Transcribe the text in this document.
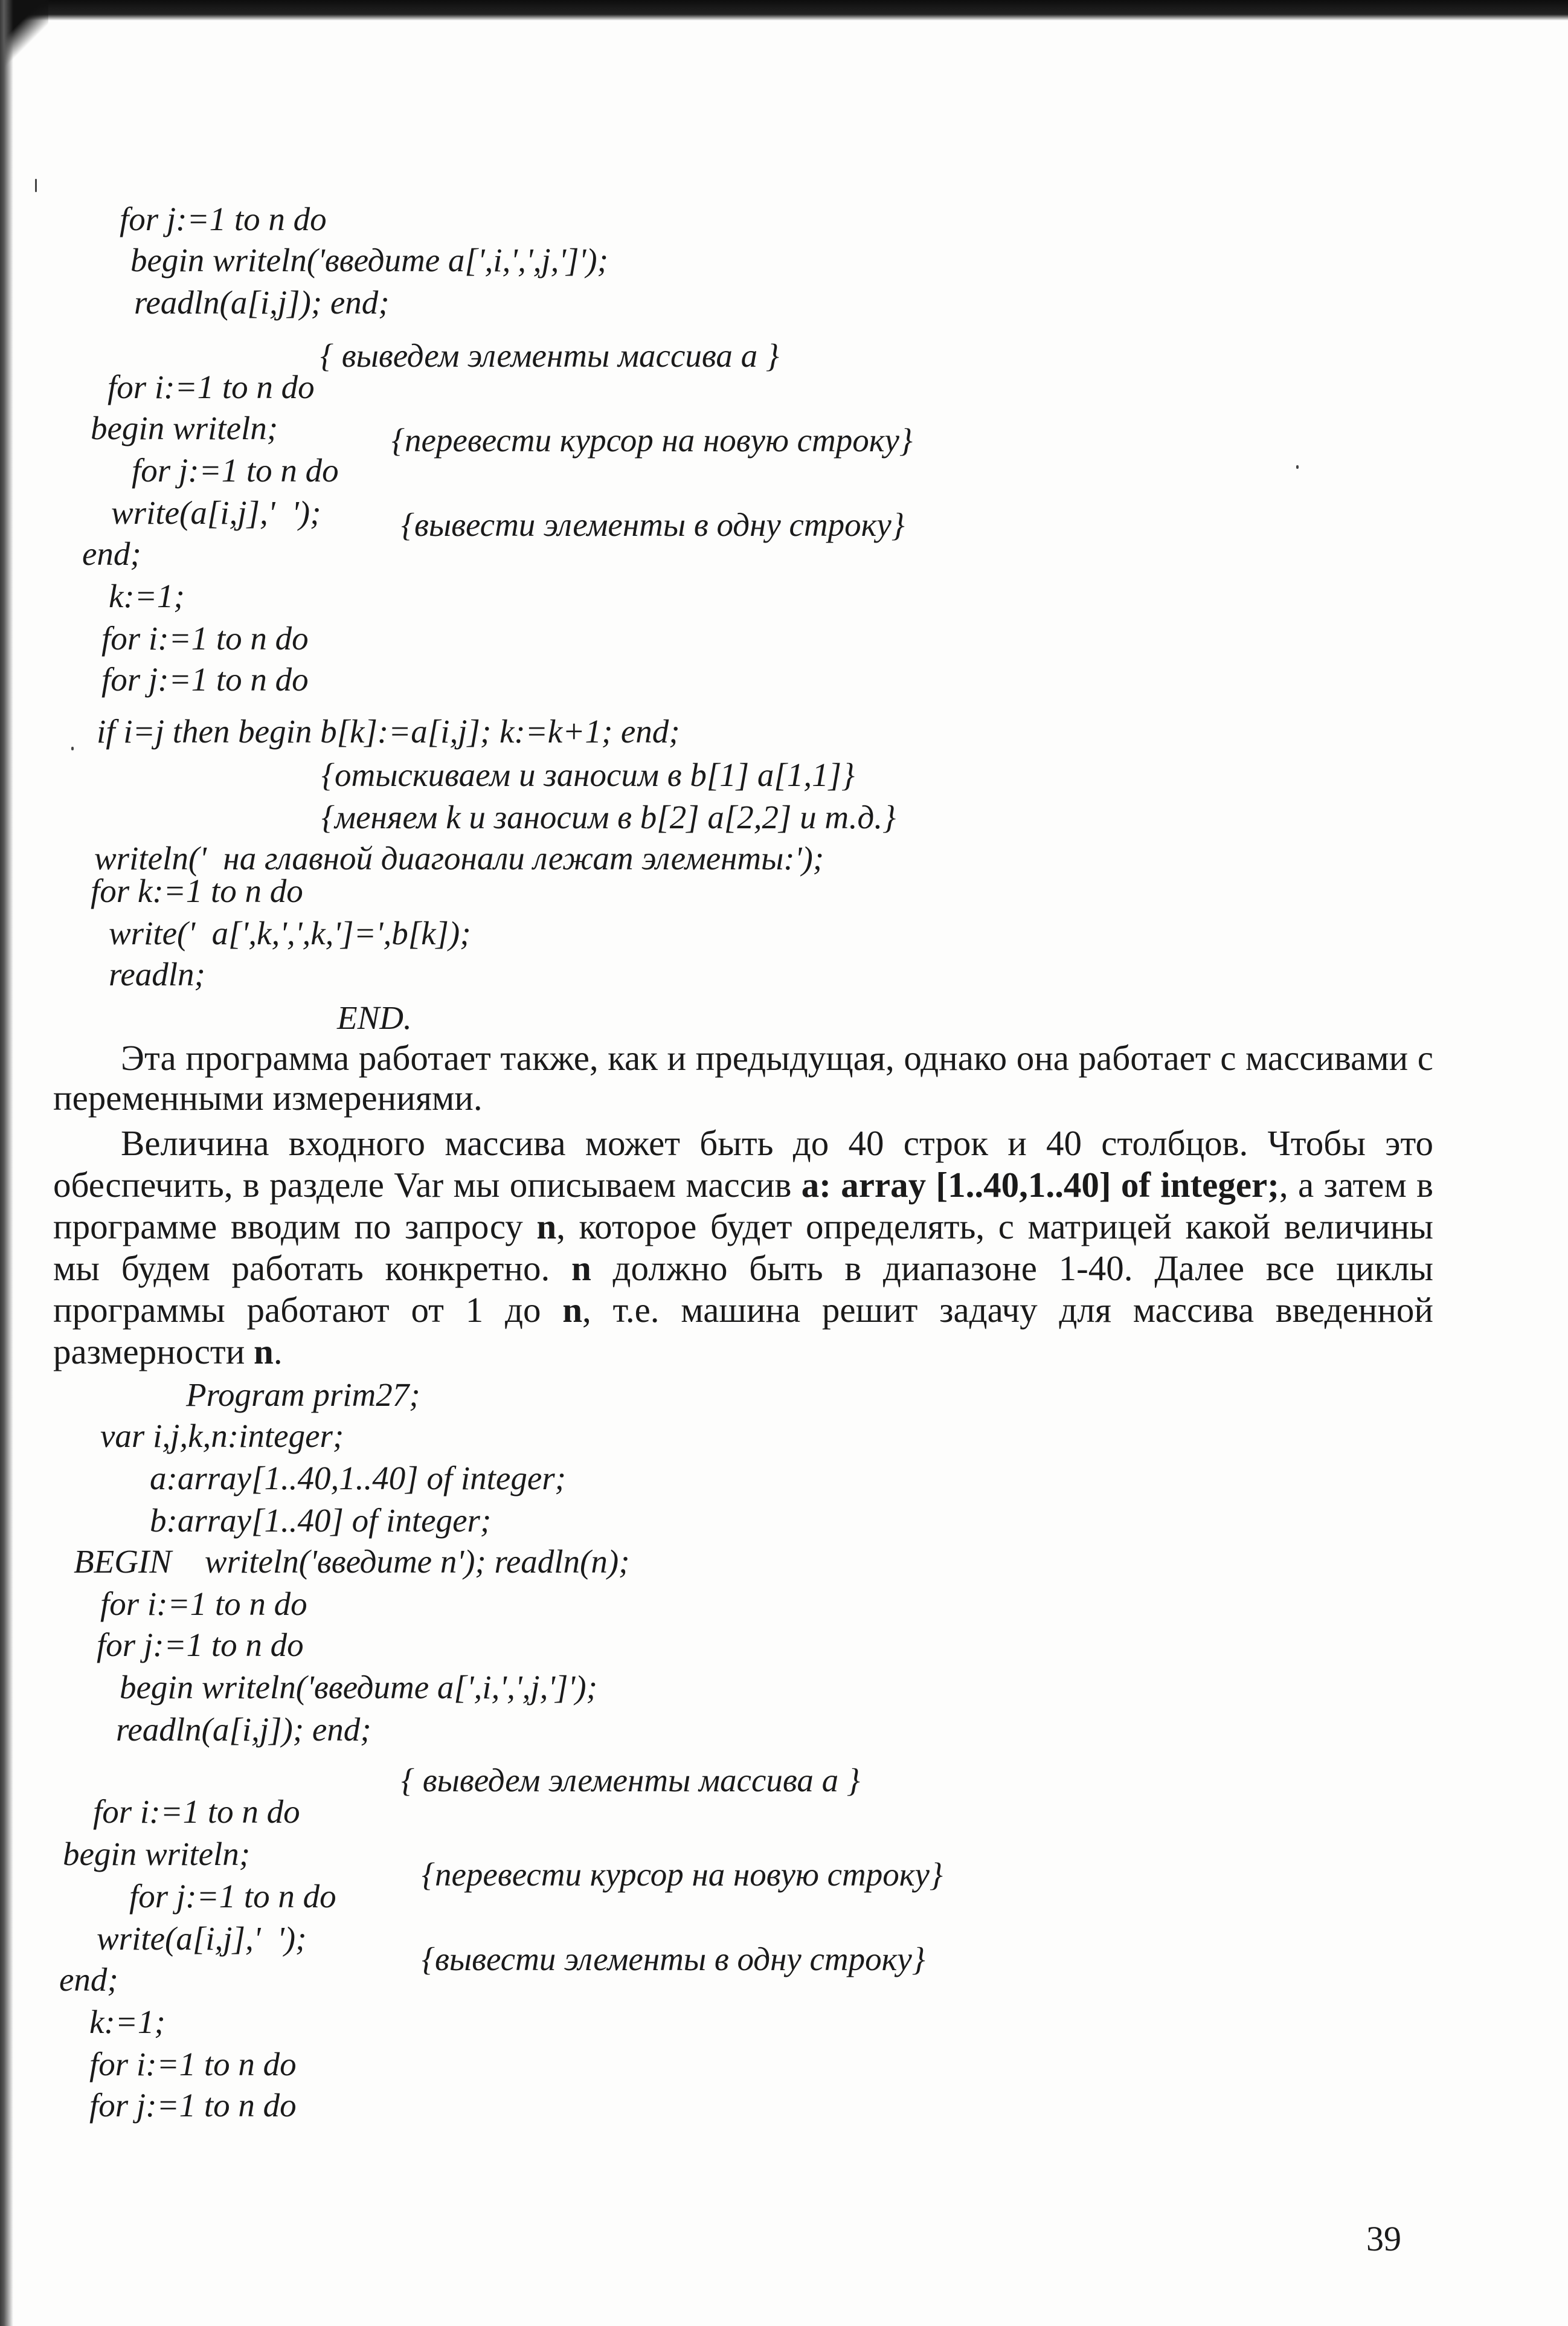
for j:=1 to n do
begin writeln('введите a[',i,',',j,']');
readln(a[i,j]); end;
{ выведем элементы массива a }
for i:=1 to n do
begin writeln;	{перевести курсор на новую строку}
for j:=1 to n do
write(a[i,j],'  '); {вывести элементы в одну строку}
end;
k:=1;
for i:=1 to n do
for j:=1 to n do
if i=j then begin b[k]:=a[i,j]; k:=k+1; end;
{отыскиваем и заносим в b[1] a[1,1]}
{меняем k и заносим в b[2] a[2,2] и т.д.}
writeln('  на главной диагонали лежат элементы:');
for k:=1 to n do
write('  a[',k,',',k,']=',b[k]);
readln;
END.
Эта программа работает также, как и предыдущая, однако она работает с массивами с переменными измерениями.
Величина входного массива может быть до 40 строк и 40 столбцов. Чтобы это обеспечить, в разделе Var мы описываем массив a: array [1..40,1..40] of integer;, а затем в программе вводим по запросу n, которое будет определять, с матрицей какой величины мы будем работать конкретно. n должно быть в диапазоне 1-40. Далее все циклы программы работают от 1 до n, т.е. машина решит задачу для массива введенной размерности n.
Program prim27;
var i,j,k,n:integer;
a:array[1..40,1..40] of integer;
b:array[1..40] of integer;
BEGIN    writeln('введите n'); readln(n);
for i:=1 to n do
for j:=1 to n do
begin writeln('введите a[',i,',',j,']');
readln(a[i,j]); end;
{ выведем элементы массива a }
for i:=1 to n do
begin writeln;
{перевести курсор на новую строку}
for j:=1 to n do
write(a[i,j],'  ');
{вывести элементы в одну строку}
end;
k:=1;
for i:=1 to n do
for j:=1 to n do
39
